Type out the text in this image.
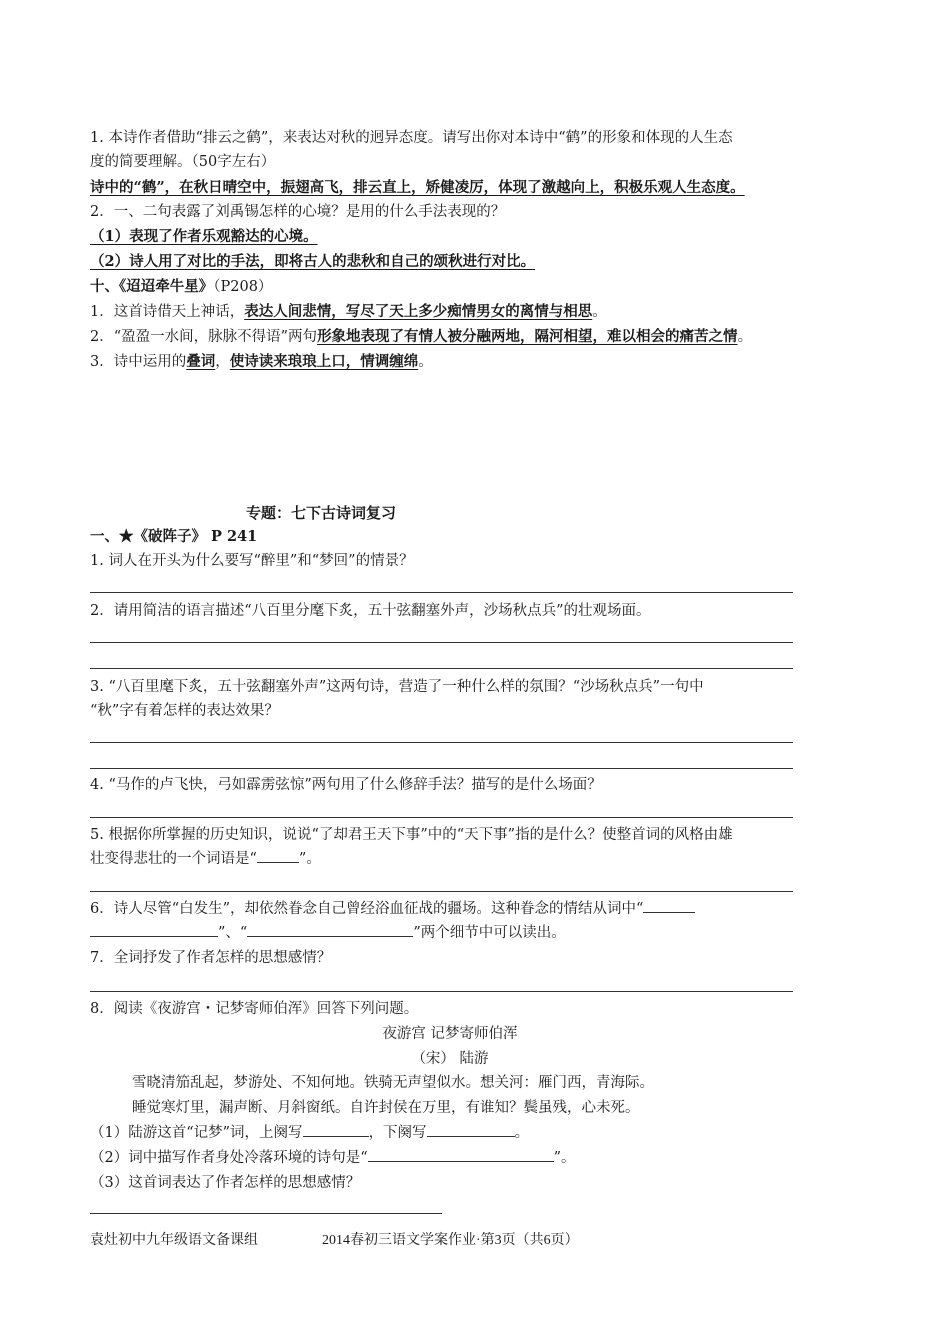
1. 本诗作者借助“排云之鹤”，来表达对秋的迥异态度。请写出你对本诗中“鹤”的形象和体现的人生态
度的简要理解。（50字左右）
诗中的“鹤”，在秋日晴空中，振翅高飞，排云直上，矫健凌厉，体现了激越向上，积极乐观人生态度。
2．一、二句表露了刘禹锡怎样的心境？是用的什么手法表现的？
（1）表现了作者乐观豁达的心境。
（2）诗人用了对比的手法，即将古人的悲秋和自己的颂秋进行对比。
十、《迢迢牵牛星》（P208）
1．这首诗借天上神话，表达人间悲情，写尽了天上多少痴情男女的离情与相思。
2．“盈盈一水间，脉脉不得语”两句形象地表现了有情人被分融两地，隔河相望，难以相会的痛苦之情。
3．诗中运用的叠词，使诗读来琅琅上口，情调缠绵。
专题：七下古诗词复习
一、★《破阵子》 P 241
1. 词人在开头为什么要写“醉里”和“梦回”的情景？
2．请用简洁的语言描述“八百里分麾下炙，五十弦翻塞外声，沙场秋点兵”的壮观场面。
3. “八百里麾下炙，五十弦翻塞外声”这两句诗，营造了一种什么样的氛围？“沙场秋点兵”一句中
“秋”字有着怎样的表达效果？
4. “马作的卢飞快，弓如霹雳弦惊”两句用了什么修辞手法？描写的是什么场面？
5. 根据你所掌握的历史知识，说说“了却君王天下事”中的“天下事”指的是什么？使整首词的风格由雄
壮变得悲壮的一个词语是“	”。
6．诗人尽管“白发生”，却依然眷念自己曾经浴血征战的疆场。这种眷念的情结从词中“
”、“	”两个细节中可以读出。
7．全词抒发了作者怎样的思想感情？
8．阅读《夜游宫・记梦寄师伯浑》回答下列问题。
夜游宫 记梦寄师伯浑
（宋） 陆游
雪晓清笳乱起，梦游处、不知何地。铁骑无声望似水。想关河：雁门西，青海际。
睡觉寒灯里，漏声断、月斜窗纸。自许封侯在万里，有谁知？鬓虽残，心未死。
（1）陆游这首“记梦”词，上阕写	，下阕写	。
（2）词中描写作者身处冷落环境的诗句是“	”。
（3）这首词表达了作者怎样的思想感情？
袁灶初中九年级语文备课组	2014春初三语文学案作业·第3页（共6页）
